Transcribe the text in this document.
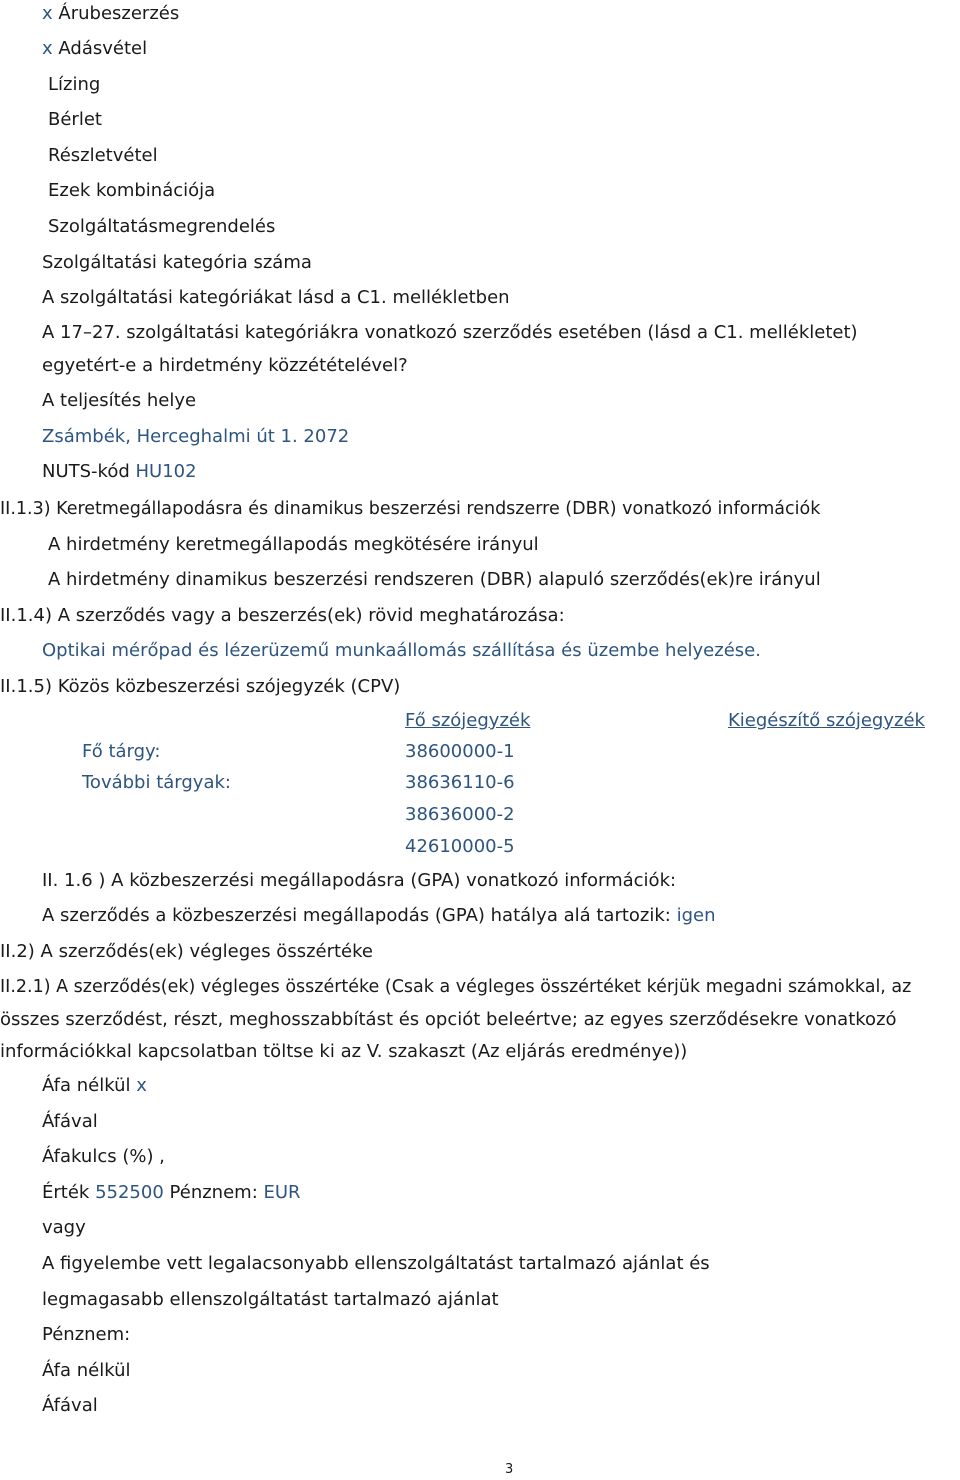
x Árubeszerzés
x Adásvétel
Lízing
Bérlet
Részletvétel
Ezek kombinációja
Szolgáltatásmegrendelés
Szolgáltatási kategória száma
A szolgáltatási kategóriákat lásd a C1. mellékletben
A 17–27. szolgáltatási kategóriákra vonatkozó szerződés esetében (lásd a C1. mellékletet)
egyetért-e a hirdetmény közzétételével?
A teljesítés helye
Zsámbék, Herceghalmi út 1. 2072
NUTS-kód HU102
II.1.3) Keretmegállapodásra és dinamikus beszerzési rendszerre (DBR) vonatkozó információk
A hirdetmény keretmegállapodás megkötésére irányul
A hirdetmény dinamikus beszerzési rendszeren (DBR) alapuló szerződés(ek)re irányul
II.1.4) A szerződés vagy a beszerzés(ek) rövid meghatározása:
Optikai mérőpad és lézerüzemű munkaállomás szállítása és üzembe helyezése.
II.1.5) Közös közbeszerzési szójegyzék (CPV)
Fő szójegyzék	Kiegészítő szójegyzék
Fő tárgy:	38600000-1
További tárgyak:	38636110-6
38636000-2
42610000-5
II. 1.6 ) A közbeszerzési megállapodásra (GPA) vonatkozó információk:
A szerződés a közbeszerzési megállapodás (GPA) hatálya alá tartozik: igen
II.2) A szerződés(ek) végleges összértéke
II.2.1) A szerződés(ek) végleges összértéke (Csak a végleges összértéket kérjük megadni számokkal, az
összes szerződést, részt, meghosszabbítást és opciót beleértve; az egyes szerződésekre vonatkozó
információkkal kapcsolatban töltse ki az V. szakaszt (Az eljárás eredménye))
Áfa nélkül x
Áfával
Áfakulcs (%) ,
Érték 552500 Pénznem: EUR
vagy
A figyelembe vett legalacsonyabb ellenszolgáltatást tartalmazó ajánlat és
legmagasabb ellenszolgáltatást tartalmazó ajánlat
Pénznem:
Áfa nélkül
Áfával
3
